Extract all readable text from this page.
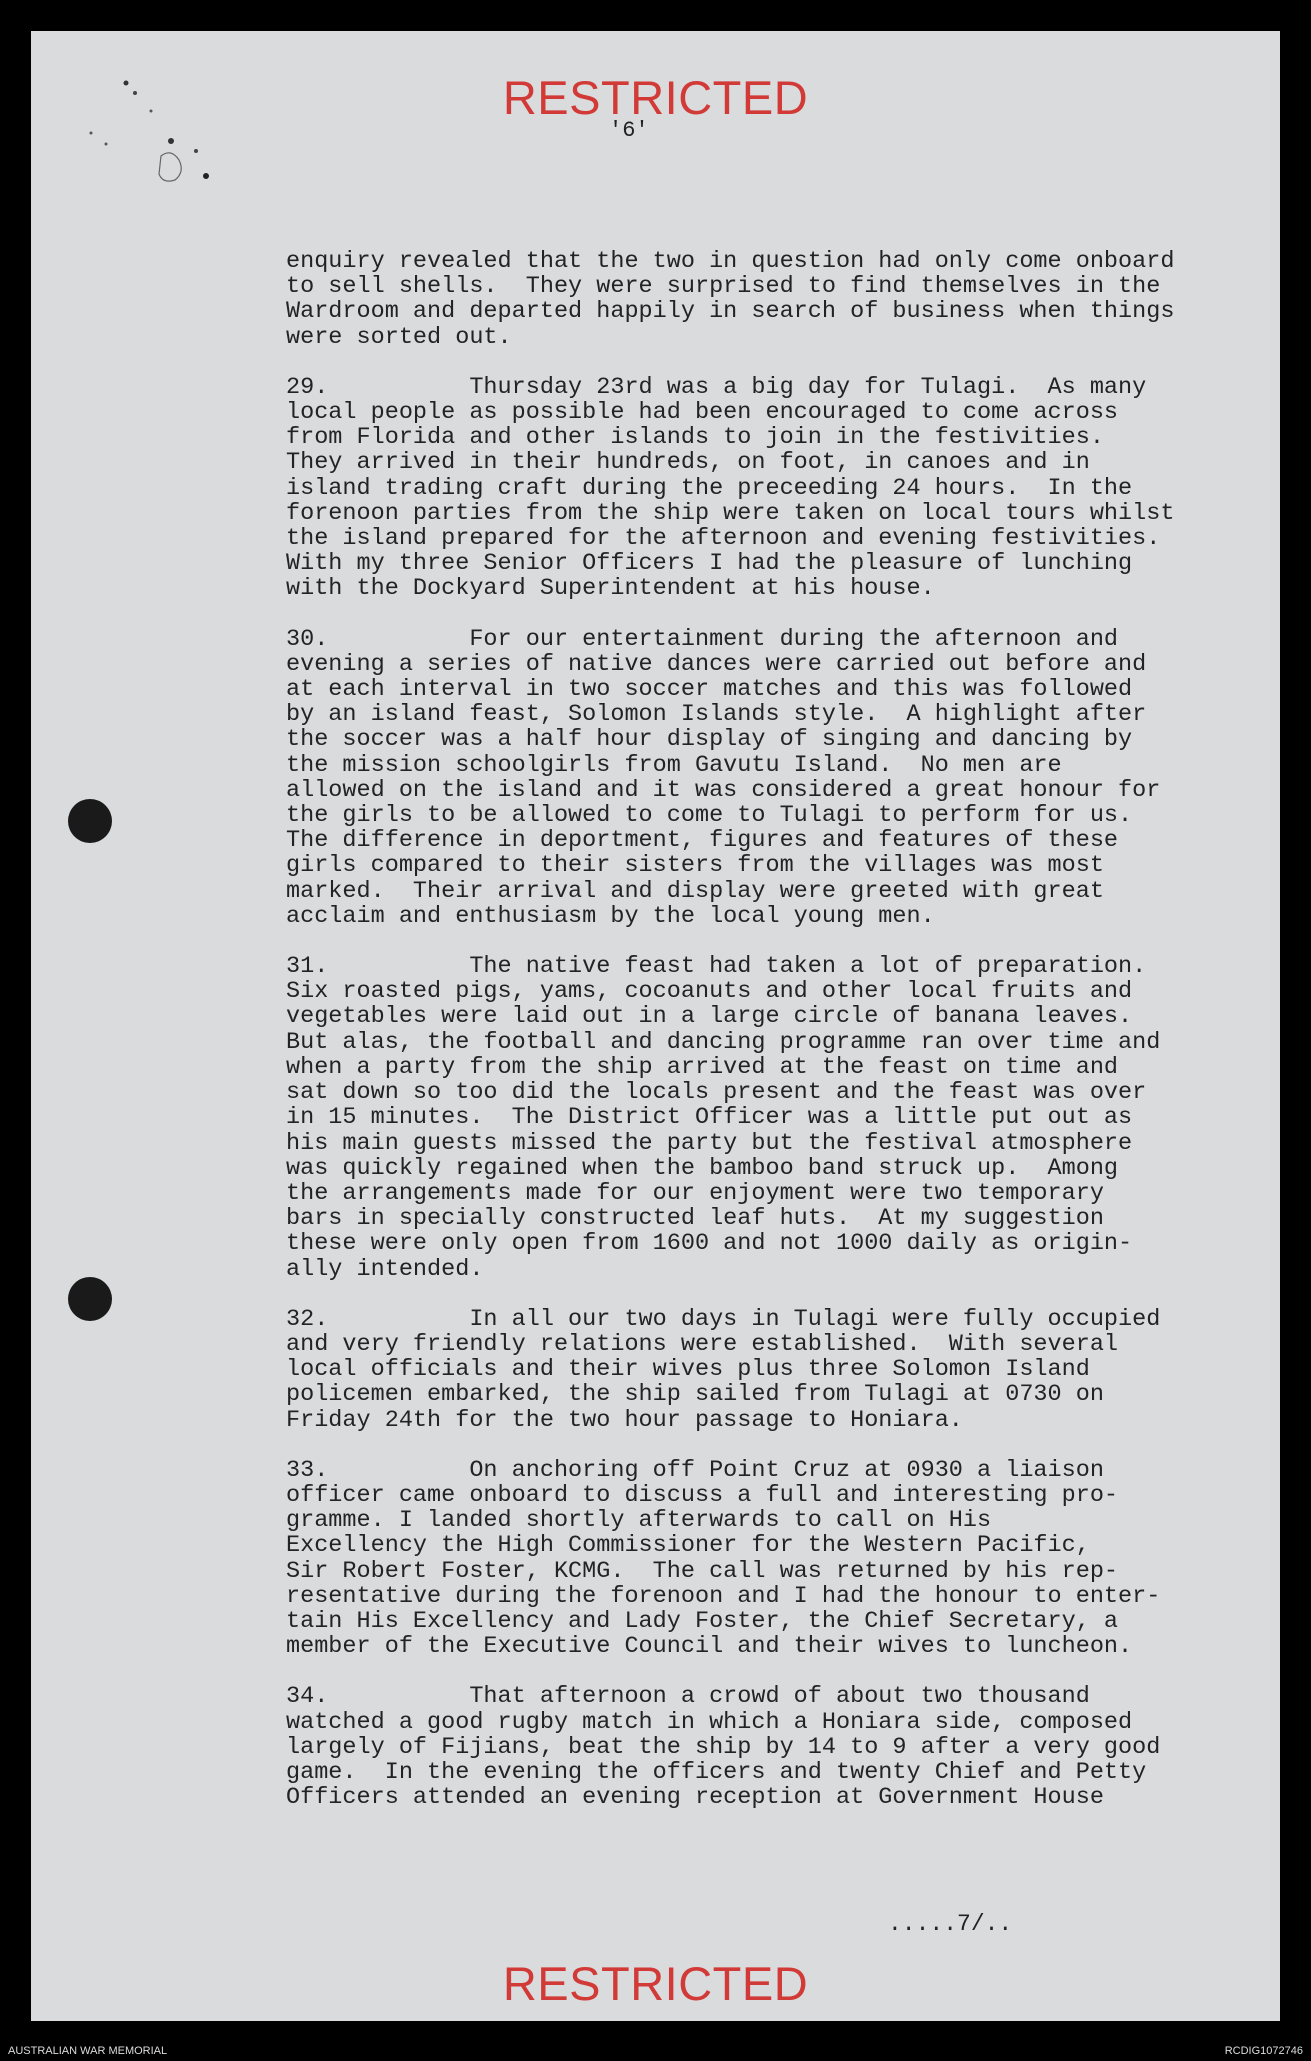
RESTRICTED
'6'
enquiry revealed that the two in question had only come onboard
to sell shells.  They were surprised to find themselves in the
Wardroom and departed happily in search of business when things
were sorted out.
29.          Thursday 23rd was a big day for Tulagi.  As many
local people as possible had been encouraged to come across
from Florida and other islands to join in the festivities.
They arrived in their hundreds, on foot, in canoes and in
island trading craft during the preceeding 24 hours.  In the
forenoon parties from the ship were taken on local tours whilst
the island prepared for the afternoon and evening festivities.
With my three Senior Officers I had the pleasure of lunching
with the Dockyard Superintendent at his house.
30.          For our entertainment during the afternoon and
evening a series of native dances were carried out before and
at each interval in two soccer matches and this was followed
by an island feast, Solomon Islands style.  A highlight after
the soccer was a half hour display of singing and dancing by
the mission schoolgirls from Gavutu Island.  No men are
allowed on the island and it was considered a great honour for
the girls to be allowed to come to Tulagi to perform for us.
The difference in deportment, figures and features of these
girls compared to their sisters from the villages was most
marked.  Their arrival and display were greeted with great
acclaim and enthusiasm by the local young men.
31.          The native feast had taken a lot of preparation.
Six roasted pigs, yams, cocoanuts and other local fruits and
vegetables were laid out in a large circle of banana leaves.
But alas, the football and dancing programme ran over time and
when a party from the ship arrived at the feast on time and
sat down so too did the locals present and the feast was over
in 15 minutes.  The District Officer was a little put out as
his main guests missed the party but the festival atmosphere
was quickly regained when the bamboo band struck up.  Among
the arrangements made for our enjoyment were two temporary
bars in specially constructed leaf huts.  At my suggestion
these were only open from 1600 and not 1000 daily as origin-
ally intended.
32.          In all our two days in Tulagi were fully occupied
and very friendly relations were established.  With several
local officials and their wives plus three Solomon Island
policemen embarked, the ship sailed from Tulagi at 0730 on
Friday 24th for the two hour passage to Honiara.
33.          On anchoring off Point Cruz at 0930 a liaison
officer came onboard to discuss a full and interesting pro-
gramme. I landed shortly afterwards to call on His
Excellency the High Commissioner for the Western Pacific,
Sir Robert Foster, KCMG.  The call was returned by his rep-
resentative during the forenoon and I had the honour to enter-
tain His Excellency and Lady Foster, the Chief Secretary, a
member of the Executive Council and their wives to luncheon.
34.          That afternoon a crowd of about two thousand
watched a good rugby match in which a Honiara side, composed
largely of Fijians, beat the ship by 14 to 9 after a very good
game.  In the evening the officers and twenty Chief and Petty
Officers attended an evening reception at Government House
.....7/..
RESTRICTED
AUSTRALIAN WAR MEMORIAL	RCDIG1072746
